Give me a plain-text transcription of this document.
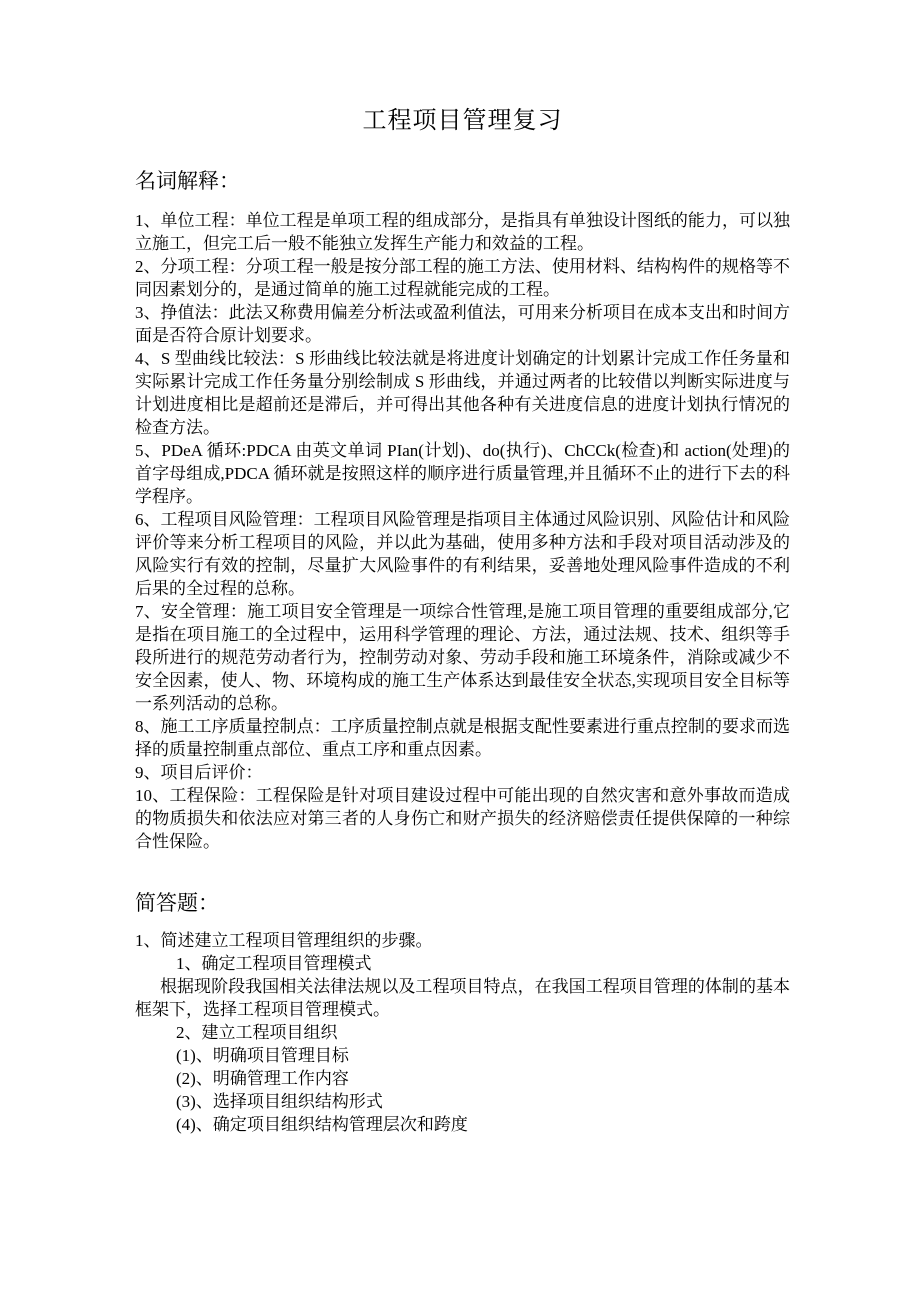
工程项目管理复习
名词解释：

1、单位工程：单位工程是单项工程的组成部分，是指具有单独设计图纸的能力，可以独立施工，但完工后一般不能独立发挥生产能力和效益的工程。

2、分项工程：分项工程一般是按分部工程的施工方法、使用材料、结构构件的规格等不同因素划分的，是通过简单的施工过程就能完成的工程。

3、挣值法：此法又称费用偏差分析法或盈利值法，可用来分析项目在成本支出和时间方面是否符合原计划要求。

4、S 型曲线比较法：S 形曲线比较法就是将进度计划确定的计划累计完成工作任务量和实际累计完成工作任务量分别绘制成 S 形曲线，并通过两者的比较借以判断实际进度与计划进度相比是超前还是滞后，并可得出其他各种有关进度信息的进度计划执行情况的检查方法。

5、PDeA 循环:PDCA 由英文单词 PIan(计划)、do(执行)、ChCCk(检查)和 action(处理)的首字母组成,PDCA 循环就是按照这样的顺序进行质量管理,并且循环不止的进行下去的科学程序。

6、工程项目风险管理：工程项目风险管理是指项目主体通过风险识别、风险估计和风险评价等来分析工程项目的风险，并以此为基础，使用多种方法和手段对项目活动涉及的风险实行有效的控制，尽量扩大风险事件的有利结果，妥善地处理风险事件造成的不利后果的全过程的总称。

7、安全管理：施工项目安全管理是一项综合性管理,是施工项目管理的重要组成部分,它是指在项目施工的全过程中，运用科学管理的理论、方法，通过法规、技术、组织等手段所进行的规范劳动者行为，控制劳动对象、劳动手段和施工环境条件，消除或减少不安全因素，使人、物、环境构成的施工生产体系达到最佳安全状态,实现项目安全目标等一系列活动的总称。

8、施工工序质量控制点：工序质量控制点就是根据支配性要素进行重点控制的要求而选择的质量控制重点部位、重点工序和重点因素。

9、项目后评价：

10、工程保险：工程保险是针对项目建设过程中可能出现的自然灾害和意外事故而造成的物质损失和依法应对第三者的人身伤亡和财产损失的经济赔偿责任提供保障的一种综合性保险。

简答题：

1、简述建立工程项目管理组织的步骤。

1、确定工程项目管理模式

根据现阶段我国相关法律法规以及工程项目特点，在我国工程项目管理的体制的基本框架下，选择工程项目管理模式。

2、建立工程项目组织

(1)、明确项目管理目标

(2)、明确管理工作内容

(3)、选择项目组织结构形式

(4)、确定项目组织结构管理层次和跨度
